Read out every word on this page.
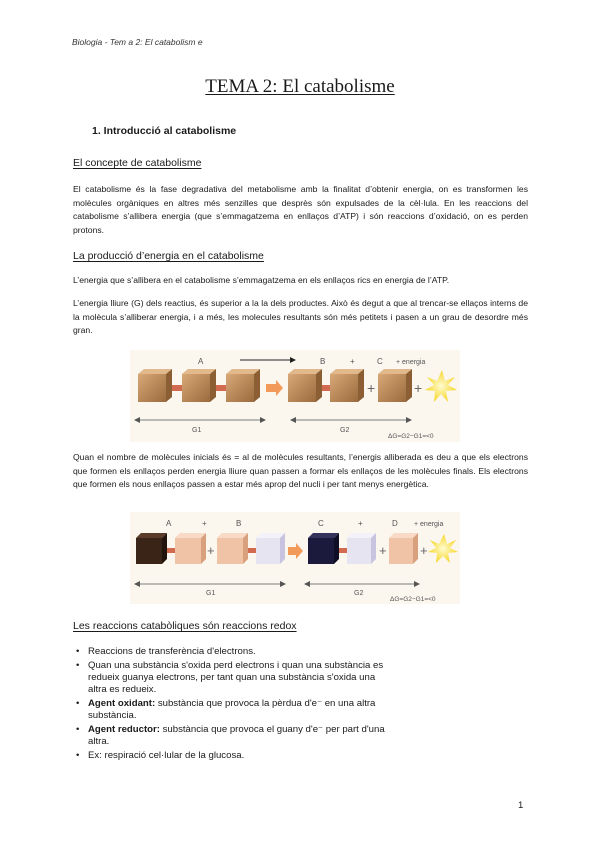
Biologia - Tem a 2: El catabolism e
TEMA 2: El catabolisme
1. Introducció al catabolisme
El concepte de catabolisme
El catabolisme és la fase degradativa del metabolisme amb la finalitat d’obtenir energia, on es transformen les molècules orgàniques en altres més senzilles que desprès són expulsades de la cèl·lula. En les reaccions del catabolisme s’allibera energia (que s’emmagatzema en enllaços d’ATP) i són reaccions d’oxidació, on es perden protons.
La producció d’energia en el catabolisme
L’energia que s’allibera en el catabolisme s’emmagatzema en els enllaços rics en energia de l’ATP.
L’energia lliure (G) dels reactius, és superior a la la dels productes. Això és degut a que al trencar-se ellaços interns de la molècula s’alliberar energia, i a més, les molecules resultants són més petitets i pasen a un grau de desordre més gran.
A	B	+	C + energia
+	+
G1	G2
ΔG=G2−G1=<0
Quan el nombre de molècules inicials és = al de molècules resultants, l’energis alliberada es deu a que els electrons que formen els enllaços perden energia lliure quan passen a formar els enllaços de les molècules finals. Els electrons que formen els nous enllaços passen a estar més aprop del nucli i per tant menys energètica.
A	+	B	C	+	D + energia
+	+	+
G1	G2
ΔG=G2−G1=<0
Les reaccions catabòliques són reaccions redox
• Reaccions de transferència d'electrons.
• Quan una substància s'oxida perd electrons i quan una substància es redueix guanya electrons, per tant quan una substància s'oxida una altra es redueix.
• Agent oxidant: substància que provoca la pèrdua d'e⁻ en una altra substància.
• Agent reductor: substància que provoca el guany d'e⁻ per part d'una altra.
• Ex: respiració cel·lular de la glucosa.
1
